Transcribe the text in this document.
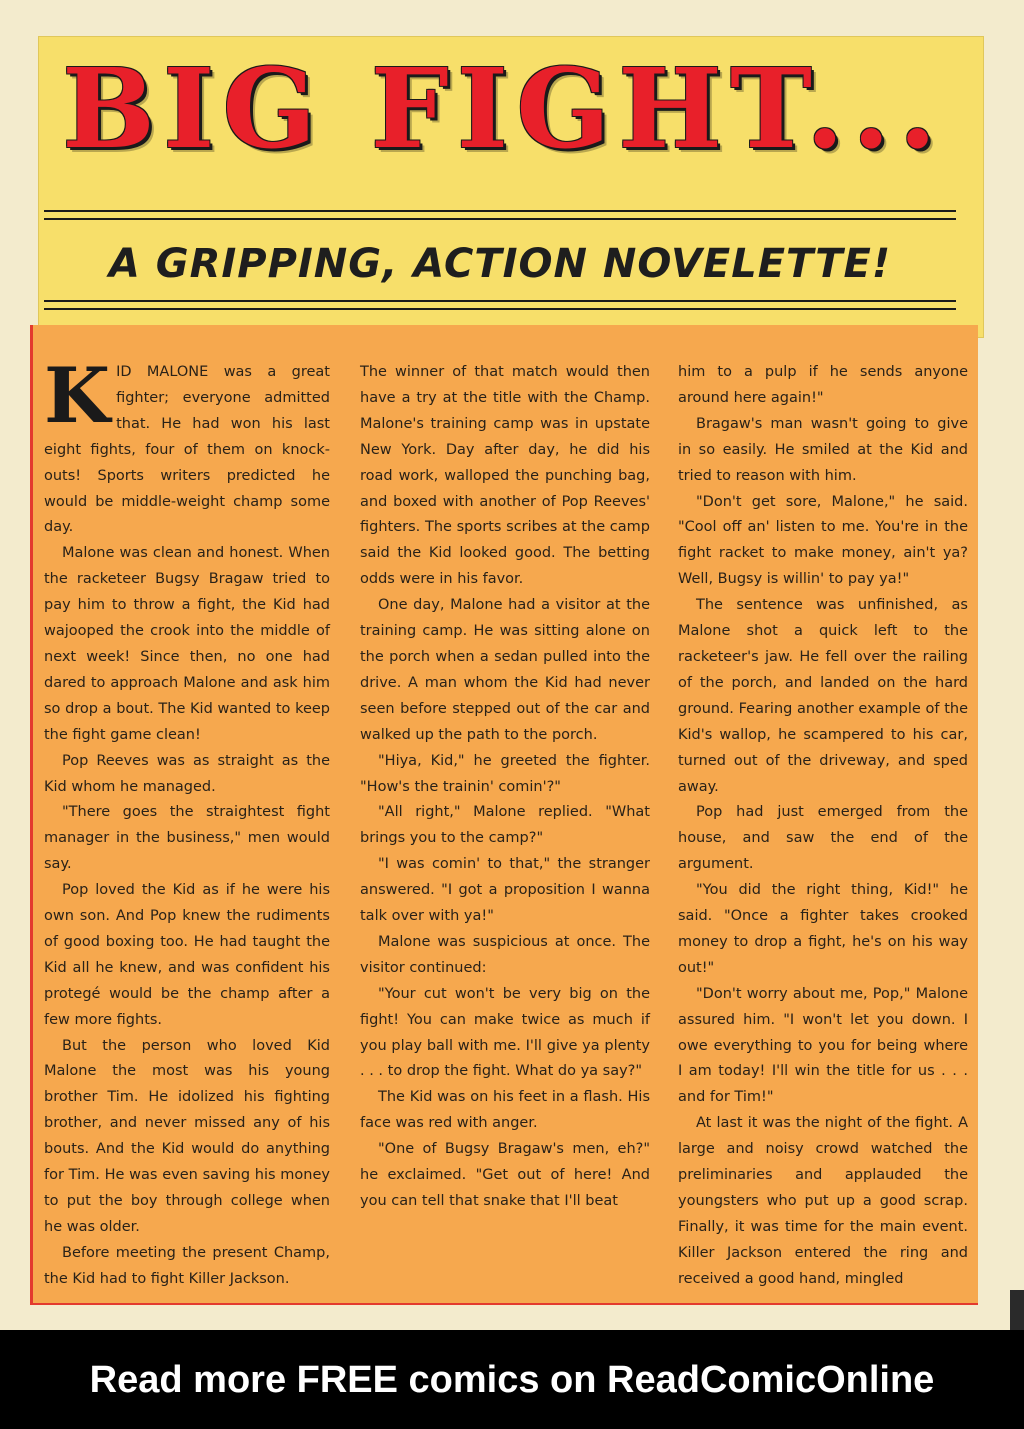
BIG FIGHT...
A GRIPPING, ACTION NOVELETTE!
K ID MALONE was a great fighter; everyone admitted that. He had won his last eight fights, four of them on knock-outs! Sports writers predicted he would be middle-weight champ some day.

Malone was clean and honest. When the racketeer Bugsy Bragaw tried to pay him to throw a fight, the Kid had wajooped the crook into the middle of next week! Since then, no one had dared to approach Malone and ask him so drop a bout. The Kid wanted to keep the fight game clean!

Pop Reeves was as straight as the Kid whom he managed.

"There goes the straightest fight manager in the business," men would say.

Pop loved the Kid as if he were his own son. And Pop knew the rudiments of good boxing too. He had taught the Kid all he knew, and was confident his protegé would be the champ after a few more fights.

But the person who loved Kid Malone the most was his young brother Tim. He idolized his fighting brother, and never missed any of his bouts. And the Kid would do anything for Tim. He was even saving his money to put the boy through college when he was older.

Before meeting the present Champ, the Kid had to fight Killer Jackson.

The winner of that match would then have a try at the title with the Champ. Malone's training camp was in upstate New York. Day after day, he did his road work, walloped the punching bag, and boxed with another of Pop Reeves' fighters. The sports scribes at the camp said the Kid looked good. The betting odds were in his favor.

One day, Malone had a visitor at the training camp. He was sitting alone on the porch when a sedan pulled into the drive. A man whom the Kid had never seen before stepped out of the car and walked up the path to the porch.

"Hiya, Kid," he greeted the fighter. "How's the trainin' comin'?"

"All right," Malone replied. "What brings you to the camp?"

"I was comin' to that," the stranger answered. "I got a proposition I wanna talk over with ya!"

Malone was suspicious at once. The visitor continued:

"Your cut won't be very big on the fight! You can make twice as much if you play ball with me. I'll give ya plenty . . . to drop the fight. What do ya say?"

The Kid was on his feet in a flash. His face was red with anger.

"One of Bugsy Bragaw's men, eh?" he exclaimed. "Get out of here! And you can tell that snake that I'll beat

him to a pulp if he sends anyone around here again!"

Bragaw's man wasn't going to give in so easily. He smiled at the Kid and tried to reason with him.

"Don't get sore, Malone," he said. "Cool off an' listen to me. You're in the fight racket to make money, ain't ya? Well, Bugsy is willin' to pay ya!"

The sentence was unfinished, as Malone shot a quick left to the racketeer's jaw. He fell over the railing of the porch, and landed on the hard ground. Fearing another example of the Kid's wallop, he scampered to his car, turned out of the driveway, and sped away.

Pop had just emerged from the house, and saw the end of the argument.

"You did the right thing, Kid!" he said. "Once a fighter takes crooked money to drop a fight, he's on his way out!"

"Don't worry about me, Pop," Malone assured him. "I won't let you down. I owe everything to you for being where I am today! I'll win the title for us . . . and for Tim!"

At last it was the night of the fight. A large and noisy crowd watched the preliminaries and applauded the youngsters who put up a good scrap. Finally, it was time for the main event. Killer Jackson entered the ring and received a good hand, mingled

Read more FREE comics on ReadComicOnline
